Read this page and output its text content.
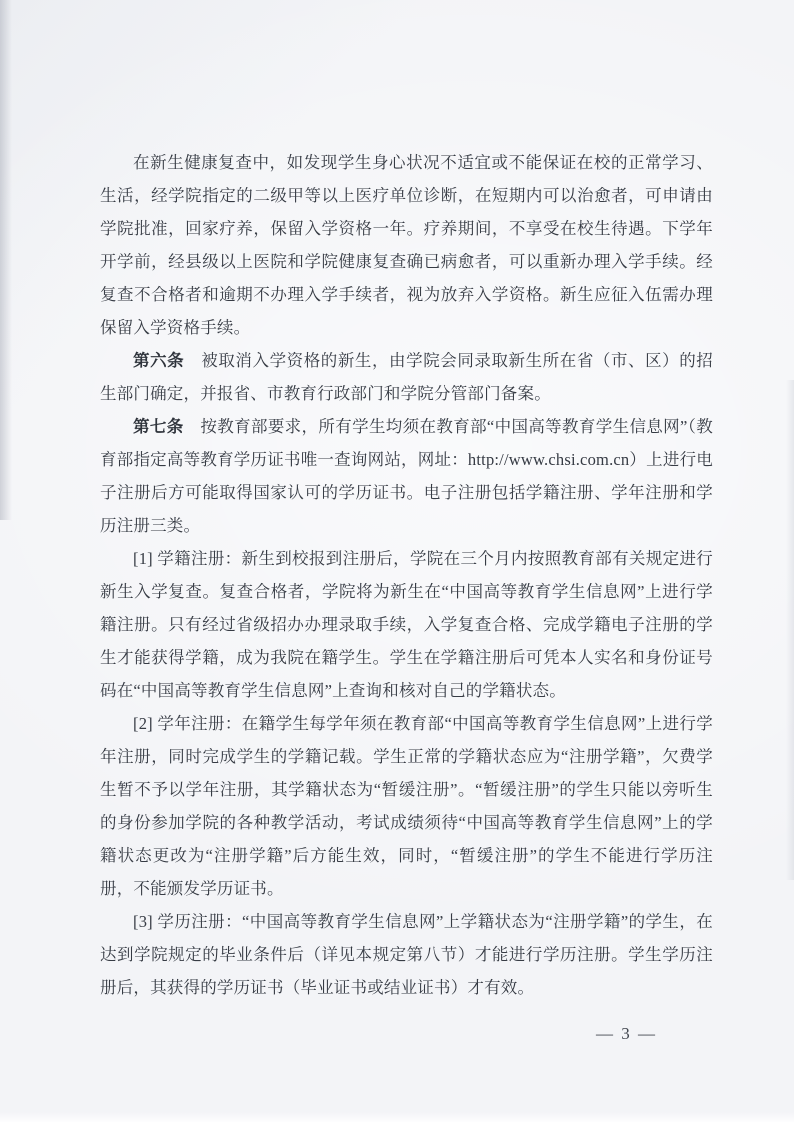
在新生健康复查中，如发现学生身心状况不适宜或不能保证在校的正常学习、生活，经学院指定的二级甲等以上医疗单位诊断，在短期内可以治愈者，可申请由学院批准，回家疗养，保留入学资格一年。疗养期间，不享受在校生待遇。下学年开学前，经县级以上医院和学院健康复查确已病愈者，可以重新办理入学手续。经复查不合格者和逾期不办理入学手续者，视为放弃入学资格。新生应征入伍需办理保留入学资格手续。

第六条　被取消入学资格的新生，由学院会同录取新生所在省（市、区）的招生部门确定，并报省、市教育行政部门和学院分管部门备案。

第七条　按教育部要求，所有学生均须在教育部“中国高等教育学生信息网”（教育部指定高等教育学历证书唯一查询网站，网址：http://www.chsi.com.cn）上进行电子注册后方可能取得国家认可的学历证书。电子注册包括学籍注册、学年注册和学历注册三类。

[1] 学籍注册：新生到校报到注册后，学院在三个月内按照教育部有关规定进行新生入学复查。复查合格者，学院将为新生在“中国高等教育学生信息网”上进行学籍注册。只有经过省级招办办理录取手续，入学复查合格、完成学籍电子注册的学生才能获得学籍，成为我院在籍学生。学生在学籍注册后可凭本人实名和身份证号码在“中国高等教育学生信息网”上查询和核对自己的学籍状态。

[2] 学年注册：在籍学生每学年须在教育部“中国高等教育学生信息网”上进行学年注册，同时完成学生的学籍记载。学生正常的学籍状态应为“注册学籍”，欠费学生暂不予以学年注册，其学籍状态为“暂缓注册”。“暂缓注册”的学生只能以旁听生的身份参加学院的各种教学活动，考试成绩须待“中国高等教育学生信息网”上的学籍状态更改为“注册学籍”后方能生效，同时，“暂缓注册”的学生不能进行学历注册，不能颁发学历证书。

[3] 学历注册：“中国高等教育学生信息网”上学籍状态为“注册学籍”的学生，在达到学院规定的毕业条件后（详见本规定第八节）才能进行学历注册。学生学历注册后，其获得的学历证书（毕业证书或结业证书）才有效。

— 3 —
